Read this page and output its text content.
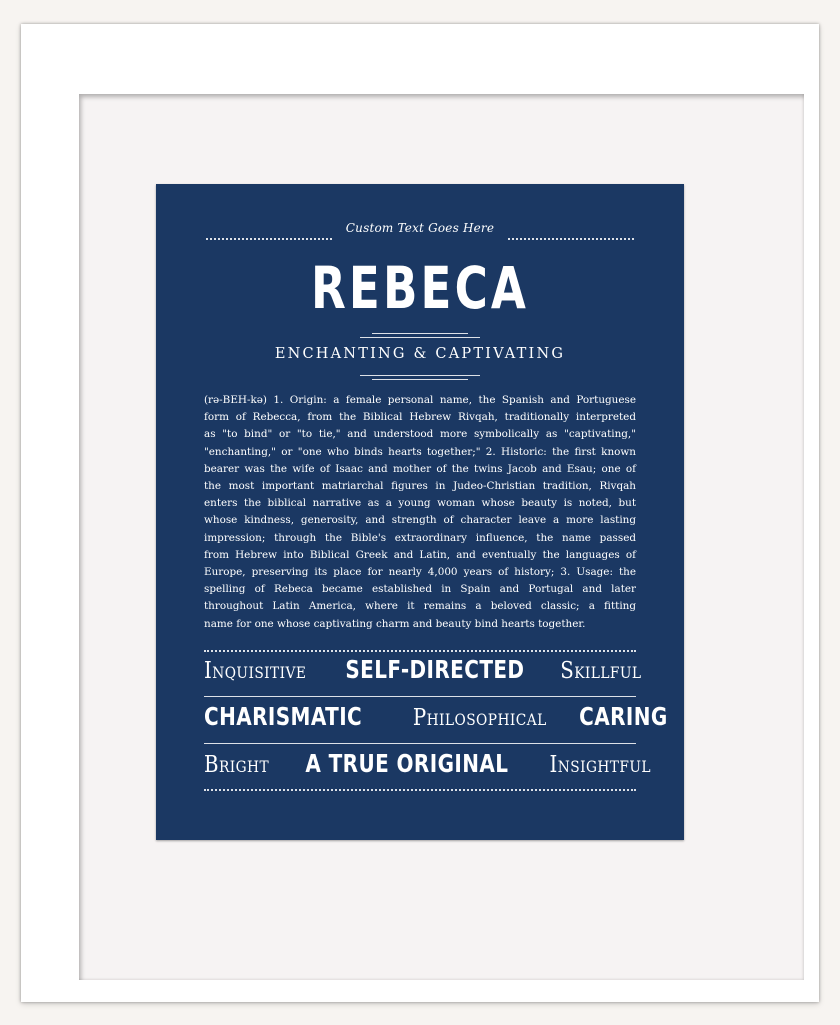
Custom Text Goes Here
REBECA
ENCHANTING & CAPTIVATING
(rə-BEH-kə) 1. Origin: a female personal name, the Spanish and Portuguese
form of Rebecca, from the Biblical Hebrew Rivqah, traditionally interpreted
as "to bind" or "to tie," and understood more symbolically as "captivating,"
"enchanting," or "one who binds hearts together;" 2. Historic: the first known
bearer was the wife of Isaac and mother of the twins Jacob and Esau; one of
the most important matriarchal figures in Judeo-Christian tradition, Rivqah
enters the biblical narrative as a young woman whose beauty is noted, but
whose kindness, generosity, and strength of character leave a more lasting
impression; through the Bible's extraordinary influence, the name passed
from Hebrew into Biblical Greek and Latin, and eventually the languages of
Europe, preserving its place for nearly 4,000 years of history; 3. Usage: the
spelling of Rebeca became established in Spain and Portugal and later
throughout Latin America, where it remains a beloved classic; a fitting
name for one whose captivating charm and beauty bind hearts together.
Inquisitive SELF-DIRECTED Skillful
CHARISMATIC Philosophical CARING
Bright A TRUE ORIGINAL Insightful
